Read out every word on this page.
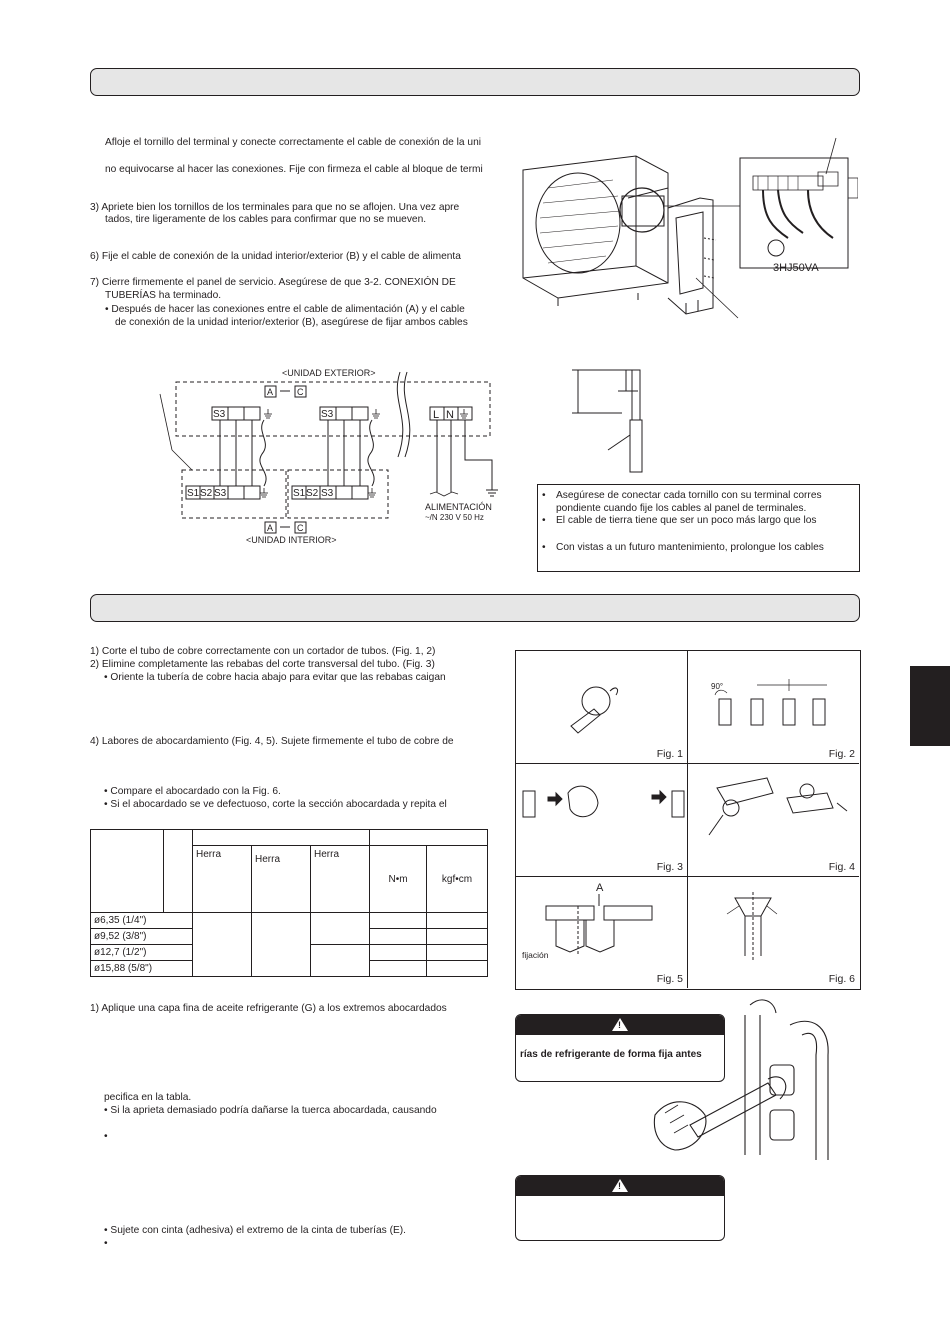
Afloje el tornillo del terminal y conecte correctamente el cable de conexión de la uni
no equivocarse al hacer las conexiones. Fije con firmeza el cable al bloque de termi
3) Apriete bien los tornillos de los terminales para que no se aflojen. Una vez apre
tados, tire ligeramente de los cables para confirmar que no se mueven.
6) Fije el cable de conexión de la unidad interior/exterior (B) y el cable de alimenta
7) Cierre firmemente el panel de servicio. Asegúrese de que 3-2. CONEXIÓN DE
TUBERÍAS ha terminado.
• Después de hacer las conexiones entre el cable de alimentación (A) y el cable
de conexión de la unidad interior/exterior (B), asegúrese de fijar ambos cables
3HJ50VA
<UNIDAD EXTERIOR>
A	C
S3	S3	L N
S1 S2 S3	S1 S2 S3
A	C
<UNIDAD INTERIOR>
ALIMENTACIÓN
~/N 230 V 50 Hz
• Asegúrese de conectar cada tornillo con su terminal corres
pondiente cuando fije los cables al panel de terminales.
• El cable de tierra tiene que ser un poco más largo que los
• Con vistas a un futuro mantenimiento, prolongue los cables
1) Corte el tubo de cobre correctamente con un cortador de tubos. (Fig. 1, 2)
2) Elimine completamente las rebabas del corte transversal del tubo. (Fig. 3)
• Oriente la tubería de cobre hacia abajo para evitar que las rebabas caigan
4) Labores de abocardamiento (Fig. 4, 5). Sujete firmemente el tubo de cobre de
• Compare el abocardado con la Fig. 6.
• Si el abocardado se ve defectuoso, corte la sección abocardada y repita el

		Herra	Herra	Herra	N•m	kgf•cm

ø6,35 (1/4")						
ø9,52 (3/8")						
ø12,7 (1/2")						
ø15,88 (5/8")						
Fig. 1
90°
Fig. 2
Fig. 3	Fig. 4
A
fijación
Fig. 5	Fig. 6
1) Aplique una capa fina de aceite refrigerante (G) a los extremos abocardados
pecifica en la tabla.
• Si la aprieta demasiado podría dañarse la tuerca abocardada, causando
•
• Sujete con cinta (adhesiva) el extremo de la cinta de tuberías (E).
•
!
rías de refrigerante de forma fija antes
!
